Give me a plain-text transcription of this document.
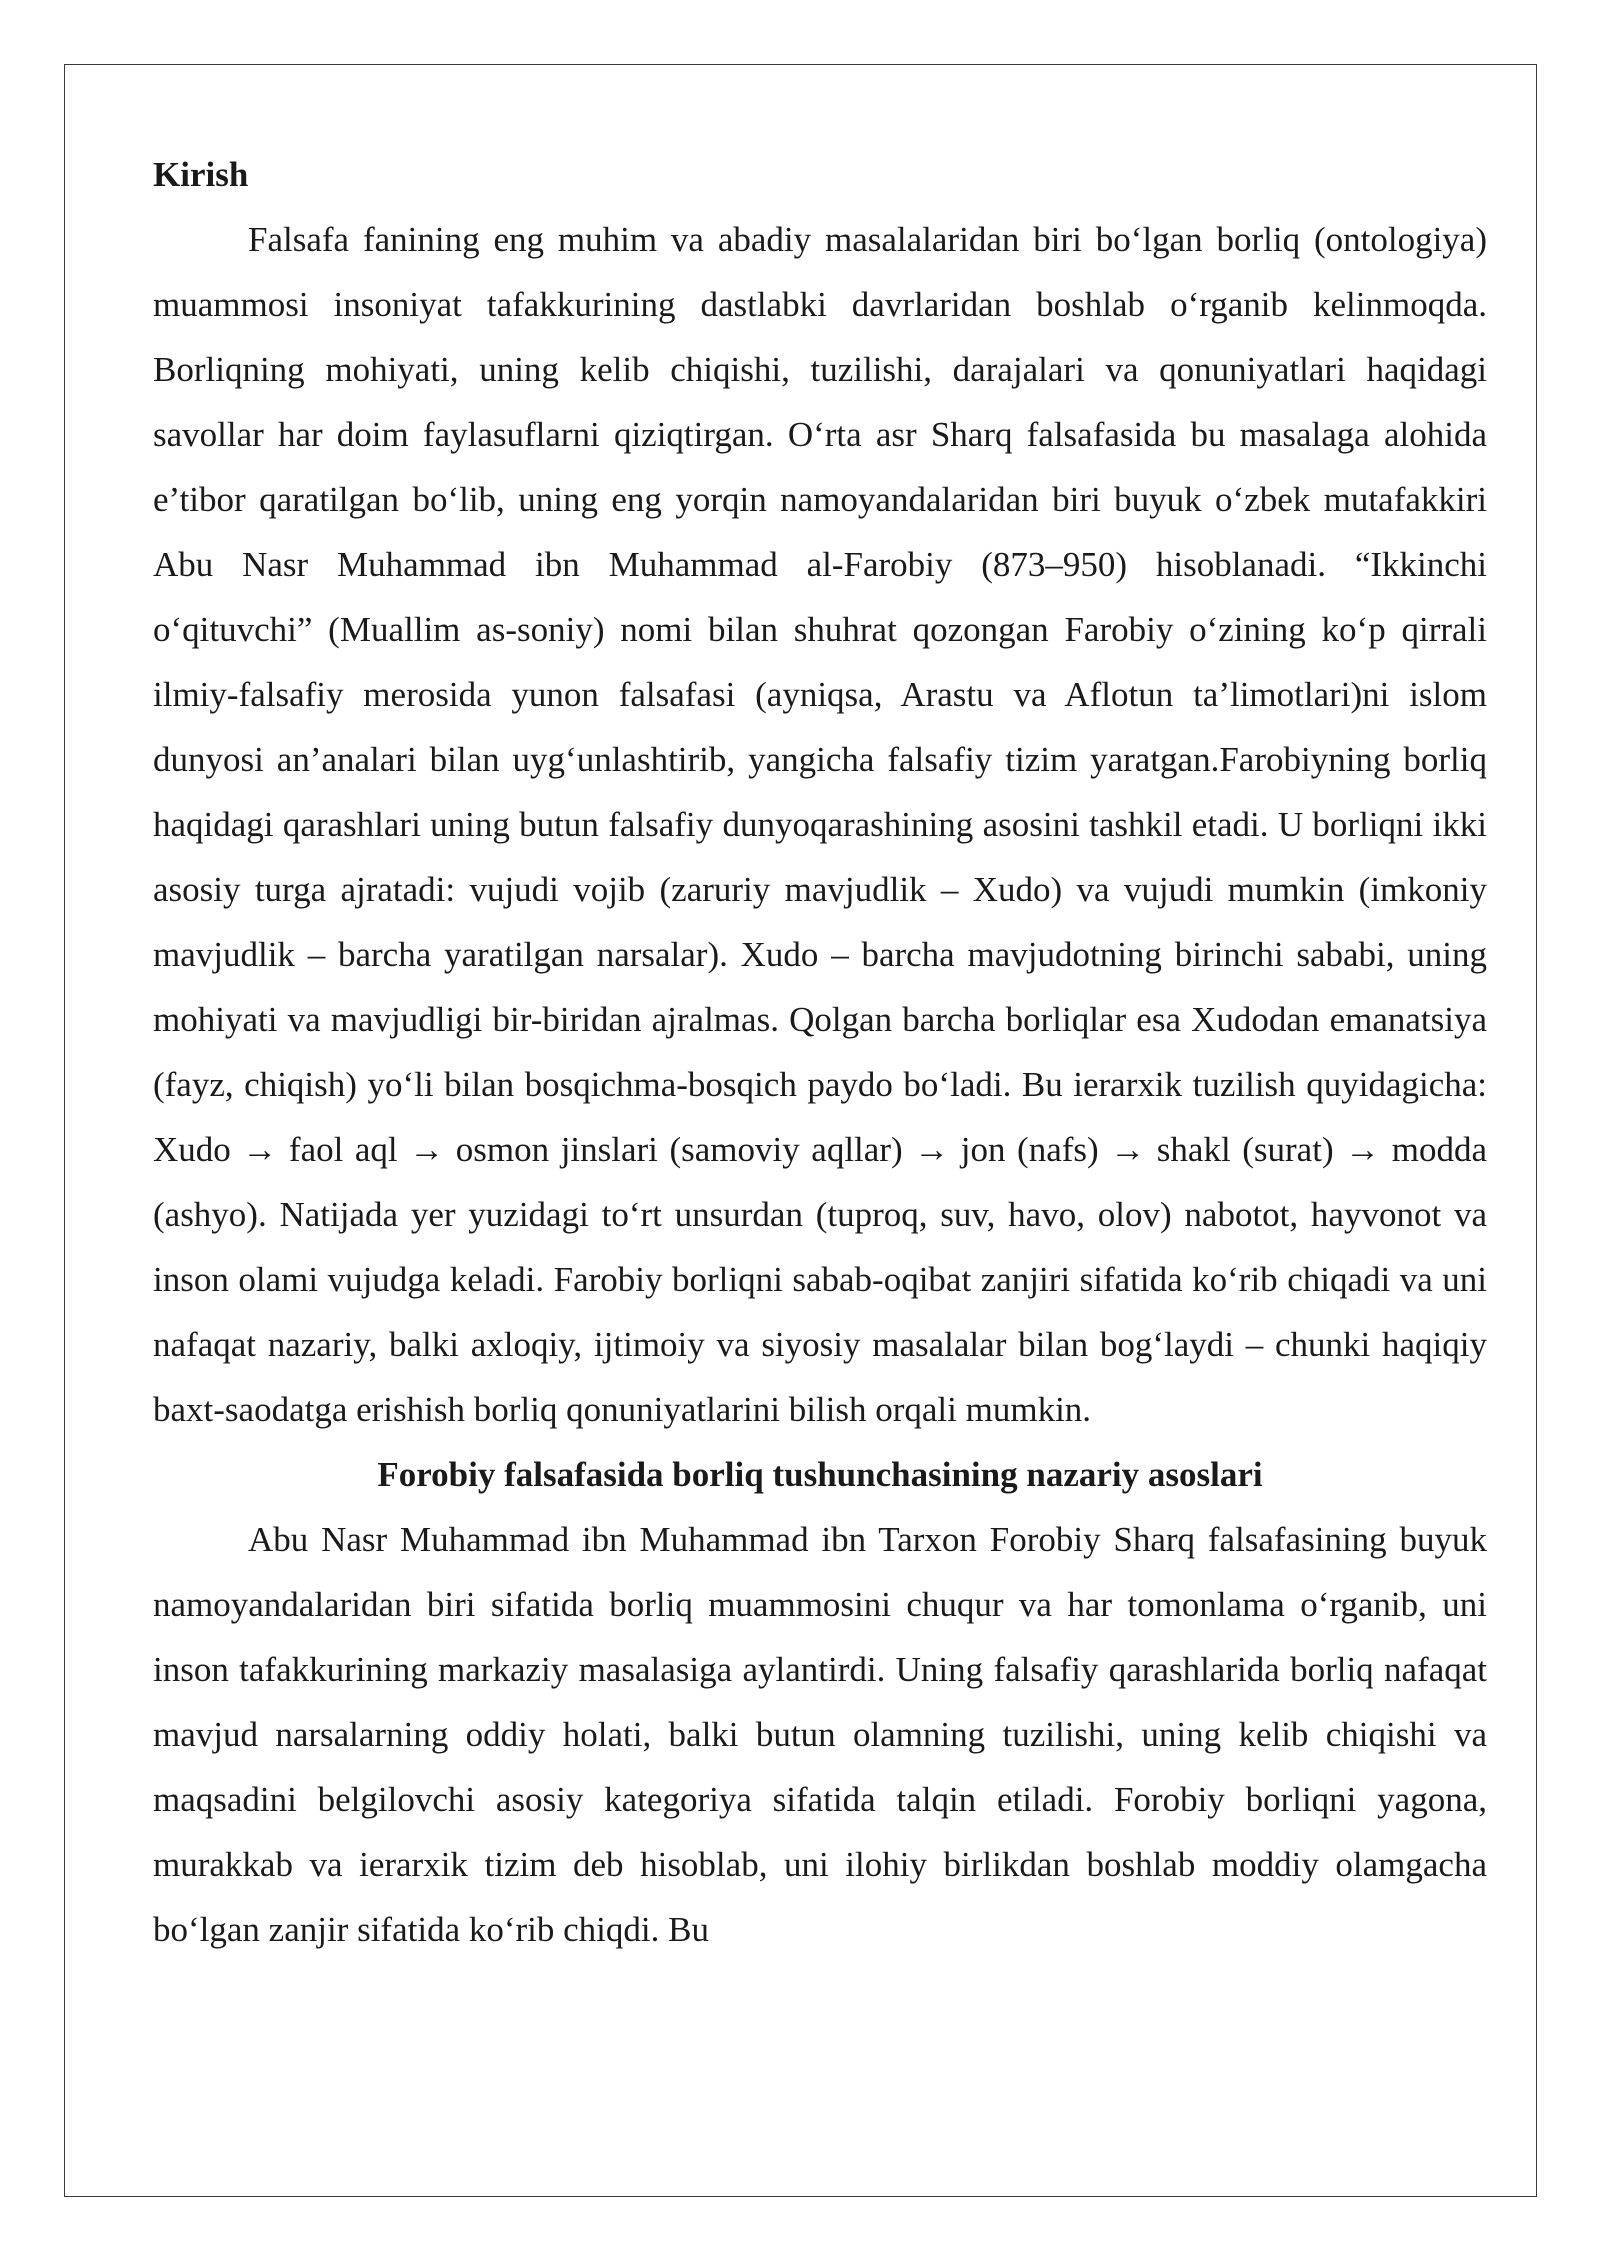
Kirish

Falsafa fanining eng muhim va abadiy masalalaridan biri bo‘lgan borliq (ontologiya) muammosi insoniyat tafakkurining dastlabki davrlaridan boshlab o‘rganib kelinmoqda. Borliqning mohiyati, uning kelib chiqishi, tuzilishi, darajalari va qonuniyatlari haqidagi savollar har doim faylasuflarni qiziqtirgan. O‘rta asr Sharq falsafasida bu masalaga alohida e’tibor qaratilgan bo‘lib, uning eng yorqin namoyandalaridan biri buyuk o‘zbek mutafakkiri Abu Nasr Muhammad ibn Muhammad al-Farobiy (873–950) hisoblanadi. “Ikkinchi o‘qituvchi” (Muallim as-soniy) nomi bilan shuhrat qozongan Farobiy o‘zining ko‘p qirrali ilmiy-falsafiy merosida yunon falsafasi (ayniqsa, Arastu va Aflotun ta’limotlari)ni islom dunyosi an’analari bilan uyg‘unlashtirib, yangicha falsafiy tizim yaratgan.Farobiyning borliq haqidagi qarashlari uning butun falsafiy dunyoqarashining asosini tashkil etadi. U borliqni ikki asosiy turga ajratadi: vujudi vojib (zaruriy mavjudlik – Xudo) va vujudi mumkin (imkoniy mavjudlik – barcha yaratilgan narsalar). Xudo – barcha mavjudotning birinchi sababi, uning mohiyati va mavjudligi bir-biridan ajralmas. Qolgan barcha borliqlar esa Xudodan emanatsiya (fayz, chiqish) yo‘li bilan bosqichma-bosqich paydo bo‘ladi. Bu ierarxik tuzilish quyidagicha: Xudo → faol aql → osmon jinslari (samoviy aqllar) → jon (nafs) → shakl (surat) → modda (ashyo). Natijada yer yuzidagi to‘rt unsurdan (tuproq, suv, havo, olov) nabotot, hayvonot va inson olami vujudga keladi. Farobiy borliqni sabab-oqibat zanjiri sifatida ko‘rib chiqadi va uni nafaqat nazariy, balki axloqiy, ijtimoiy va siyosiy masalalar bilan bog‘laydi – chunki haqiqiy baxt-saodatga erishish borliq qonuniyatlarini bilish orqali mumkin.

Forobiy falsafasida borliq tushunchasining nazariy asoslari

Abu Nasr Muhammad ibn Muhammad ibn Tarxon Forobiy Sharq falsafasining buyuk namoyandalaridan biri sifatida borliq muammosini chuqur va har tomonlama o‘rganib, uni inson tafakkurining markaziy masalasiga aylantirdi. Uning falsafiy qarashlarida borliq nafaqat mavjud narsalarning oddiy holati, balki butun olamning tuzilishi, uning kelib chiqishi va maqsadini belgilovchi asosiy kategoriya sifatida talqin etiladi. Forobiy borliqni yagona, murakkab va ierarxik tizim deb hisoblab, uni ilohiy birlikdan boshlab moddiy olamgacha bo‘lgan zanjir sifatida ko‘rib chiqdi. Bu
